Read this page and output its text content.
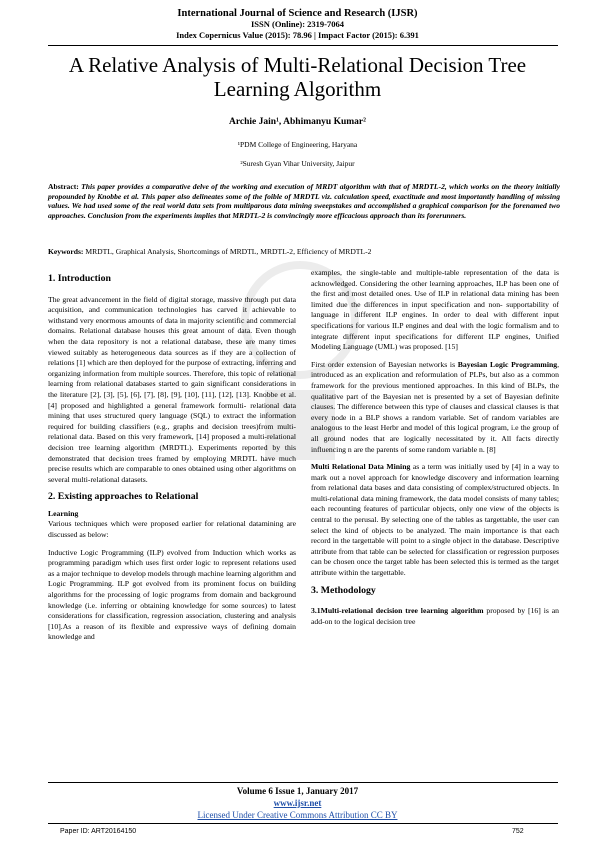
International Journal of Science and Research (IJSR)
ISSN (Online): 2319-7064
Index Copernicus Value (2015): 78.96 | Impact Factor (2015): 6.391
A Relative Analysis of Multi-Relational Decision Tree Learning Algorithm
Archie Jain¹, Abhimanyu Kumar²
¹PDM College of Engineering, Haryana
²Suresh Gyan Vihar University, Jaipur
Abstract: This paper provides a comparative delve of the working and execution of MRDT algorithm with that of MRDTL-2, which works on the theory initially propounded by Knobbe et al. This paper also delineates some of the foible of MRDTL viz. calculation speed, exactitude and most importantly handling of missing values. We had used some of the real world data sets from multiparous data mining sweepstakes and accomplished a graphical comparison for the forenamed two approaches. Conclusion from the experiments implies that MRDTL-2 is convincingly more efficacious approach than its forerunners.
Keywords: MRDTL, Graphical Analysis, Shortcomings of MRDTL, MRDTL-2, Efficiency of MRDTL-2
1. Introduction

The great advancement in the field of digital storage, massive through put data acquisition, and communication technologies has carved it achievable to withstand very enormous amounts of data in majority scientific and commercial domains. Relational database houses this great amount of data. Even though when the data repository is not a relational database, these are many times viewed suitably as heterogeneous data sources as if they are a collection of relations [1] which are then deployed for the purpose of extracting, inferring and organizing information from multiple sources. Therefore, this topic of relational learning from relational databases started to gain significant considerations in the literature [2], [3], [5], [6], [7], [8], [9], [10], [11], [12], [13]. Knobbe et al. [4] proposed and highlighted a general framework formulti- relational data mining that uses structured query language (SQL) to extract the information required for building classifiers (e.g., graphs and decision trees)from multi-relational data. Based on this very framework, [14] proposed a multi-relational decision tree learning algorithm (MRDTL). Experiments reported by this demonstrated that decision trees framed by employing MRDTL have much precise results which are comparable to ones obtained using other algorithms on several multi-relational datasets.

2. Existing approaches to Relational

Learning

Various techniques which were proposed earlier for relational datamining are discussed as below:

Inductive Logic Programming (ILP) evolved from Induction which works as programming paradigm which uses first order logic to represent relations used as a major technique to develop models through machine learning algorithm and Logic Programming. ILP got evolved from its prominent focus on building algorithms for the processing of logic programs from domain and background knowledge (i.e. inferring or obtaining knowledge for some sources) to latest considerations for classification, regression association, clustering and analysis [10].As a reason of its flexible and expressive ways of defining domain knowledge and

examples, the single-table and multiple-table representation of the data is acknowledged. Considering the other learning approaches, ILP has been one of the first and most detailed ones. Use of ILP in relational data mining has been limited due the differences in input specification and non- supportability of language in different ILP engines. In order to deal with different input specifications for various ILP engines and deal with the logic formalism and to integrate different input specifications for different ILP engines, Unified Modeling Language (UML) was proposed. [15]

First order extension of Bayesian networks is Bayesian Logic Programming, introduced as an explication and reformulation of PLPs, but also as a common framework for the previous mentioned approaches. In this kind of BLPs, the qualitative part of the Bayesian net is presented by a set of Bayesian definite clauses. The difference between this type of clauses and classical clauses is that every node in a BLP shows a random variable. Set of random variables are analogous to the least Herbr and model of this logical program, i.e the group of all ground nodes that are logically necessitated by it. All facts directly influencing n are the parents of some random variable n. [8]

Multi Relational Data Mining as a term was initially used by [4] in a way to mark out a novel approach for knowledge discovery and information learning from relational data bases and data consisting of complex/structured objects. In multi-relational data mining framework, the data model consists of many tables; each recounting features of particular objects, only one view of the objects is central to the perusal. By selecting one of the tables as targettable, the user can select the kind of objects to be analyzed. The main importance is that each record in the targettable will point to a single object in the database. Descriptive attribute from that table can be selected for classification or regression purposes can be chosen once the target table has been selected this is termed as the target attribute within the targettable.

3. Methodology

3.1Multi-relational decision tree learning algorithm proposed by [16] is an add-on to the logical decision tree

Volume 6 Issue 1, January 2017
www.ijsr.net
Licensed Under Creative Commons Attribution CC BY
Paper ID: ART20164150	752
